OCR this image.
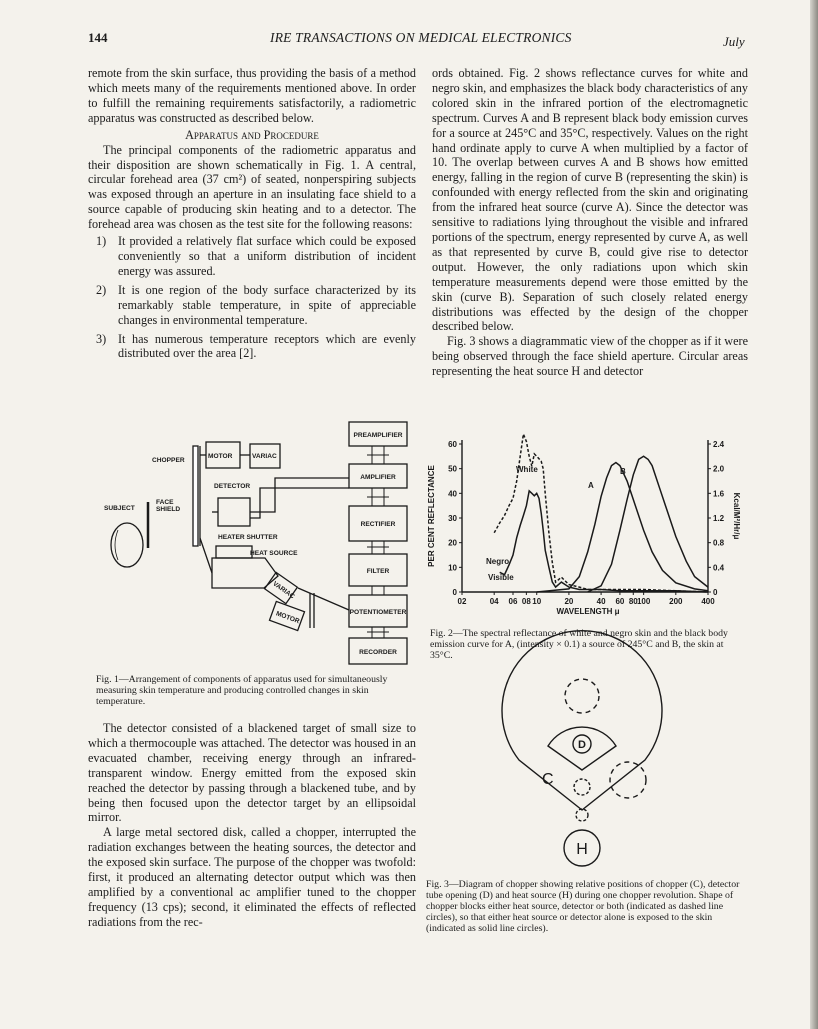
144	IRE TRANSACTIONS ON MEDICAL ELECTRONICS	July

remote from the skin surface, thus providing the basis of a method which meets many of the requirements mentioned above. In order to fulfill the remaining requirements satisfactorily, a radiometric apparatus was constructed as described below.

Apparatus and Procedure

The principal components of the radiometric apparatus and their disposition are shown schematically in Fig. 1. A central, circular forehead area (37 cm²) of seated, nonperspiring subjects was exposed through an aperture in an insulating face shield to a source capable of producing skin heating and to a detector. The forehead area was chosen as the test site for the following reasons:

1) It provided a relatively flat surface which could be exposed conveniently so that a uniform distribution of incident energy was assured.
2) It is one region of the body surface characterized by its remarkably stable temperature, in spite of appreciable changes in environmental temperature.
3) It has numerous temperature receptors which are evenly distributed over the area [2].

ords obtained. Fig. 2 shows reflectance curves for white and negro skin, and emphasizes the black body characteristics of any colored skin in the infrared portion of the electromagnetic spectrum. Curves A and B represent black body emission curves for a source at 245°C and 35°C, respectively. Values on the right hand ordinate apply to curve A when multiplied by a factor of 10. The overlap between curves A and B shows how emitted energy, falling in the region of curve B (representing the skin) is confounded with energy reflected from the skin and originating from the infrared heat source (curve A). Since the detector was sensitive to radiations lying throughout the visible and infrared portions of the spectrum, energy represented by curve A, as well as that represented by curve B, could give rise to detector output. However, the only radiations upon which skin temperature measurements depend were those emitted by the skin (curve B). Separation of such closely related energy distributions was effected by the design of the chopper described below.

Fig. 3 shows a diagrammatic view of the chopper as if it were being observed through the face shield aperture. Circular areas representing the heat source H and detector

PREAMPLIFIER
AMPLIFIER
RECTIFIER
FILTER
POTENTIOMETER
RECORDER
CHOPPER
MOTOR	VARIAC
DETECTOR
SUBJECT
FACE
SHIELD
HEATER SHUTTER
HEAT SOURCE
VARIAC
MOTOR
Fig. 1—Arrangement of components of apparatus used for simultaneously measuring skin temperature and producing controlled changes in skin temperature.
0
10
20
30
40
50
60
0
0.4
0.8
1.2
1.6
2.0
2.4
02	04 06 08 10	20	40 60 80 100 200 400
PER CENT REFLECTANCE	Kcal/M²/Hr/μ
WAVELENGTH μ
White
Negro
Visible
A
B
Fig. 2—The spectral reflectance of white and negro skin and the black body emission curve for A, (intensity × 0.1) a source of 245°C and B, the skin at 35°C.

The detector consisted of a blackened target of small size to which a thermocouple was attached. The detector was housed in an evacuated chamber, receiving energy through an infrared-transparent window. Energy emitted from the exposed skin reached the detector by passing through a blackened tube, and by being then focused upon the detector target by an ellipsoidal mirror.

A large metal sectored disk, called a chopper, interrupted the radiation exchanges between the heating sources, the detector and the exposed skin surface. The purpose of the chopper was twofold: first, it produced an alternating detector output which was then amplified by a conventional ac amplifier tuned to the chopper frequency (13 cps); second, it eliminated the effects of reflected radiations from the rec-

C
D
H
Fig. 3—Diagram of chopper showing relative positions of chopper (C), detector tube opening (D) and heat source (H) during one chopper revolution. Shape of chopper blocks either heat source, detector or both (indicated as dashed line circles), so that either heat source or detector alone is exposed to the skin (indicated as solid line circles).
